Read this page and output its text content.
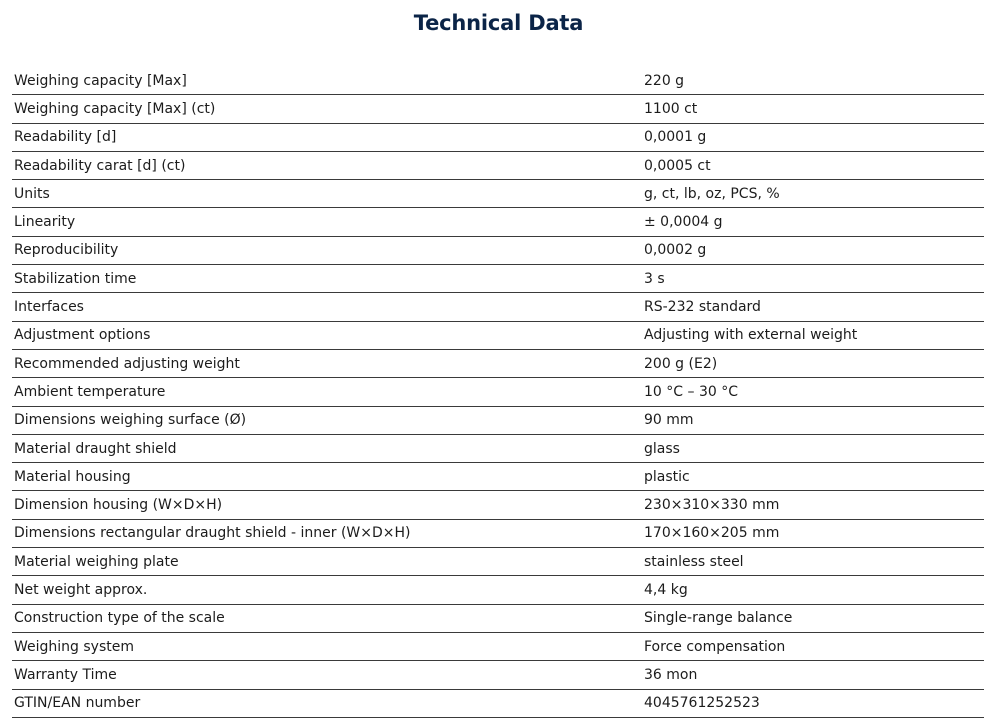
Technical Data
Weighing capacity [Max]	220 g
Weighing capacity [Max] (ct)	1100 ct
Readability [d]	0,0001 g
Readability carat [d] (ct)	0,0005 ct
Units	g, ct, lb, oz, PCS, %
Linearity	± 0,0004 g
Reproducibility	0,0002 g
Stabilization time	3 s
Interfaces	RS-232 standard
Adjustment options	Adjusting with external weight
Recommended adjusting weight	200 g (E2)
Ambient temperature	10 °C – 30 °C
Dimensions weighing surface (Ø)	90 mm
Material draught shield	glass
Material housing	plastic
Dimension housing (W×D×H)	230×310×330 mm
Dimensions rectangular draught shield - inner (W×D×H)	170×160×205 mm
Material weighing plate	stainless steel
Net weight approx.	4,4 kg
Construction type of the scale	Single-range balance
Weighing system	Force compensation
Warranty Time	36 mon
GTIN/EAN number	4045761252523
